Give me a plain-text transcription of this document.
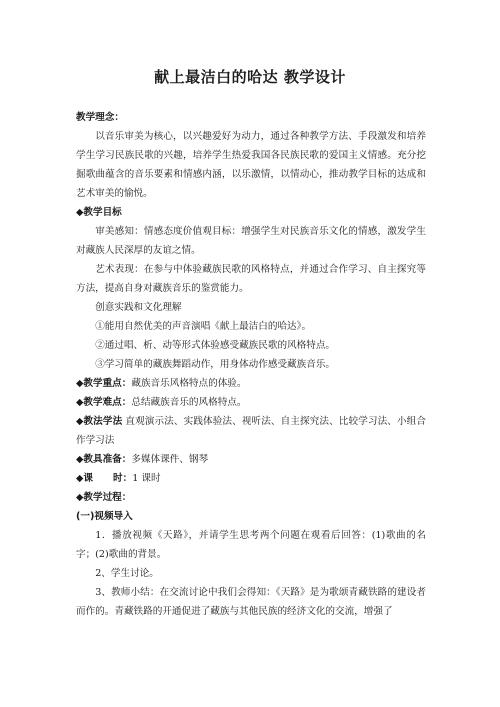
献上最洁白的哈达 教学设计

教学理念：

以音乐审美为核心，以兴趣爱好为动力，通过各种教学方法、手段激发和培养学生学习民族民歌的兴趣，培养学生热爱我国各民族民歌的爱国主义情感。充分挖掘歌曲蕴含的音乐要素和情感内涵，以乐激情，以情动心，推动教学目标的达成和艺术审美的愉悦。

◆教学目标

审美感知：情感态度价值观目标：增强学生对民族音乐文化的情感，激发学生对藏族人民深厚的友谊之情。

艺术表现：在参与中体验藏族民歌的风格特点，并通过合作学习、自主探究等方法，提高自身对藏族音乐的鉴赏能力。

创意实践和文化理解

①能用自然优美的声音演唱《献上最洁白的哈达》。

②通过唱、析、动等形式体验感受藏族民歌的风格特点。

③学习简单的藏族舞蹈动作，用身体动作感受藏族音乐。

◆教学重点：藏族音乐风格特点的体验。

◆教学难点：总结藏族音乐的风格特点。

◆教法学法 直观演示法、实践体验法、视听法、自主探究法、比较学习法、小组合作学习法

◆教具准备：多媒体课件、钢琴

◆课      时：1 课时

◆教学过程：

(一)视频导入

1．播放视频《天路》，并请学生思考两个问题在观看后回答：(1)歌曲的名字；(2)歌曲的背景。

2、学生讨论。

3、教师小结：在交流讨论中我们会得知：《天路》是为歌颂青藏铁路的建设者而作的。青藏铁路的开通促进了藏族与其他民族的经济文化的交流，增强了
